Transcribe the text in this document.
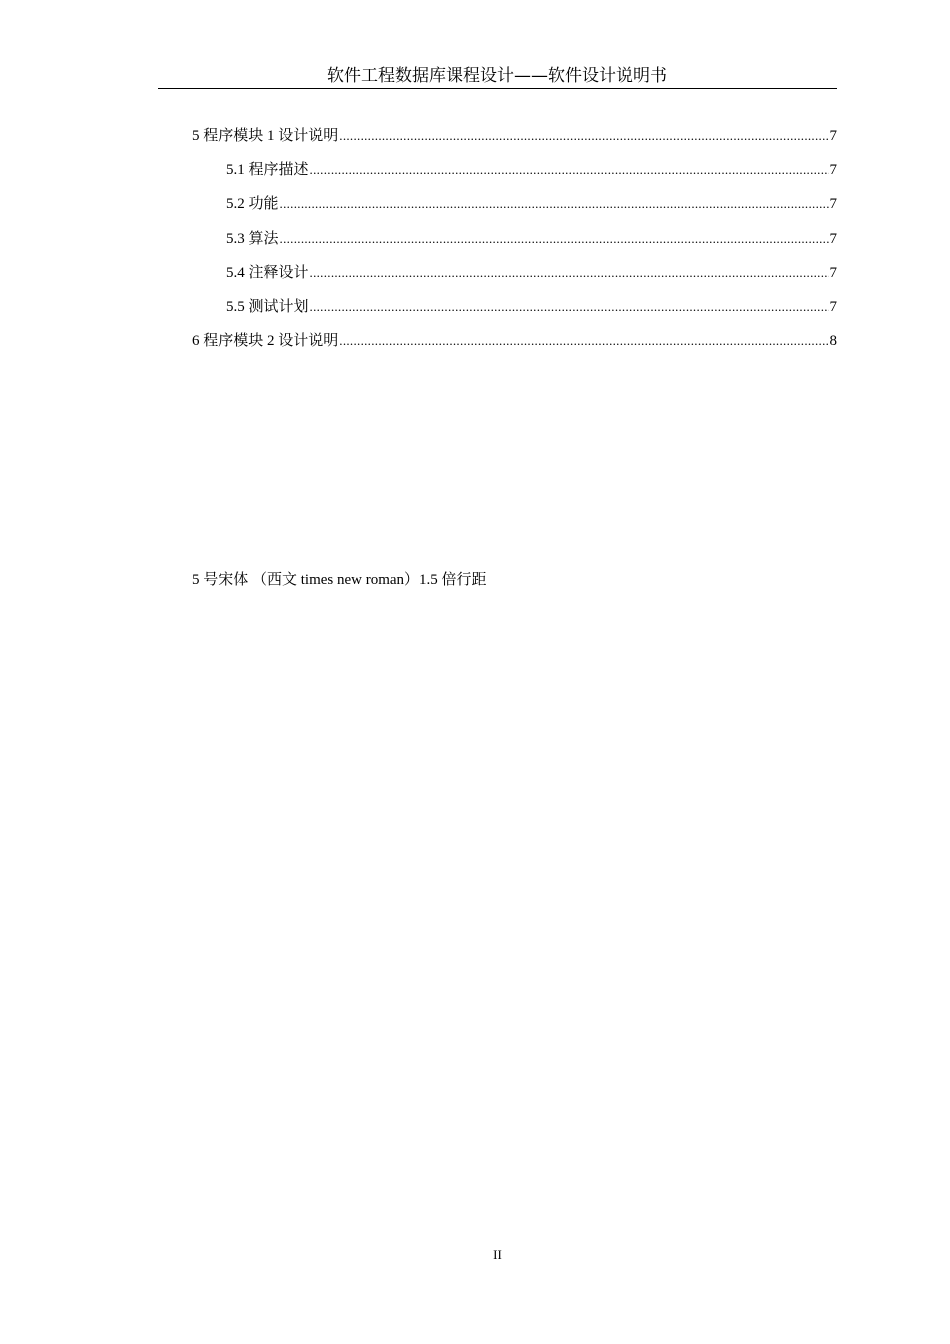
软件工程数据库课程设计——软件设计说明书
5 程序模块 1 设计说明 .....	7
5.1 程序描述 .....	7
5.2 功能 .....	7
5.3 算法 .....	7
5.4 注释设计 .....	7
5.5 测试计划 .....	7
6 程序模块 2 设计说明 .....	8
5 号宋体 （西文 times new roman）1.5 倍行距
II
